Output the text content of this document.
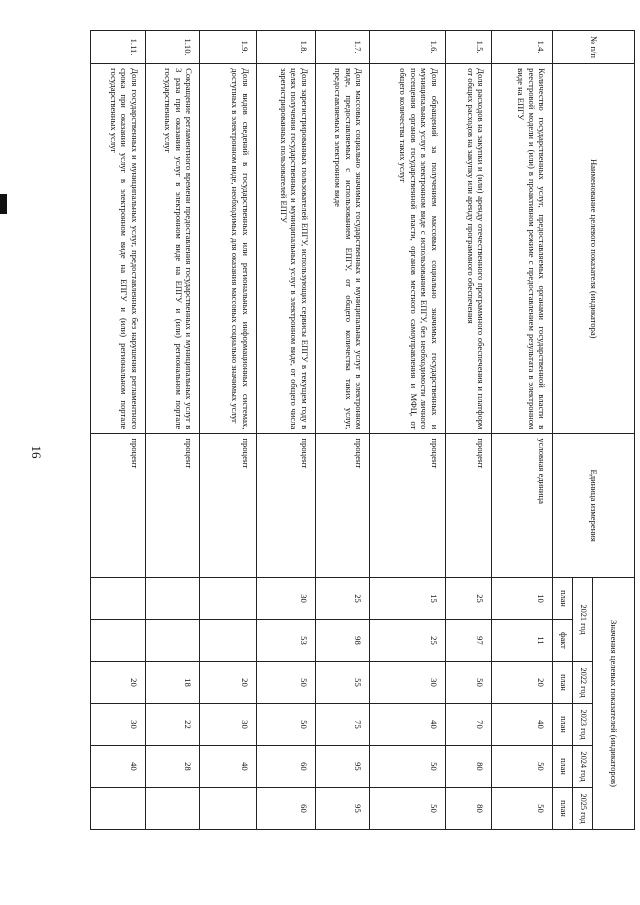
16
№ п/п	Наименование целевого показателя (индикатора)	Единица измерения	Значения целевых показателей (индикаторов)					
			2021 год		2022 год	2023 год	2024 год	2025 год
			план	факт	план	план	план	план
1.4.	Количество государственных услуг, предоставляемых органами государственной власти в реестровой модели и (или) в проактивном режиме с предоставлением результата в электронном виде на ЕПГУ	условная единица	10	11	20	40	50	50
1.5.	Доля расходов на закупки и (или) аренду отечественного программного обеспечения и платформ от общих расходов на закупку или аренду программного обеспечения	процент	25	97	50	70	80	80
1.6.	Доля обращений за получением массовых социально значимых государственных и муниципальных услуг в электронном виде с использованием ЕПГУ, без необходимости личного посещения органов государственной власти, органов местного самоуправления и МФЦ, от общего количества таких услуг	процент	15	25	30	40	50	50
1.7.	Доля массовых социально значимых государственных и муниципальных услуг в электронном виде, предоставляемых с использованием ЕПГУ, от общего количества таких услуг, предоставляемых в электронном виде	процент	25	98	55	75	95	95
1.8.	Доля зарегистрированных пользователей ЕПГУ, использующих сервисы ЕПГУ в текущем году в целях получения государственных и муниципальных услуг в электронном виде, от общего числа зарегистрированных пользователей ЕПГУ	процент	30	53	50	50	60	60
1.9.	Доля видов сведений в государственных или региональных информационных системах, доступных в электронном виде, необходимых для оказания массовых социально значимых услуг	процент			20	30	40	
1.10.	Сокращение регламентного времени предоставления государственных и муниципальных услуг в 3 раза при оказании услуг в электронном виде на ЕПГУ и (или) региональном портале государственных услуг	процент			18	22	28	
1.11.	Доля государственных и муниципальных услуг, предоставленных без нарушения регламентного срока при оказании услуг в электронном виде на ЕПГУ и (или) региональном портале государственных услуг	процент			20	30	40	
